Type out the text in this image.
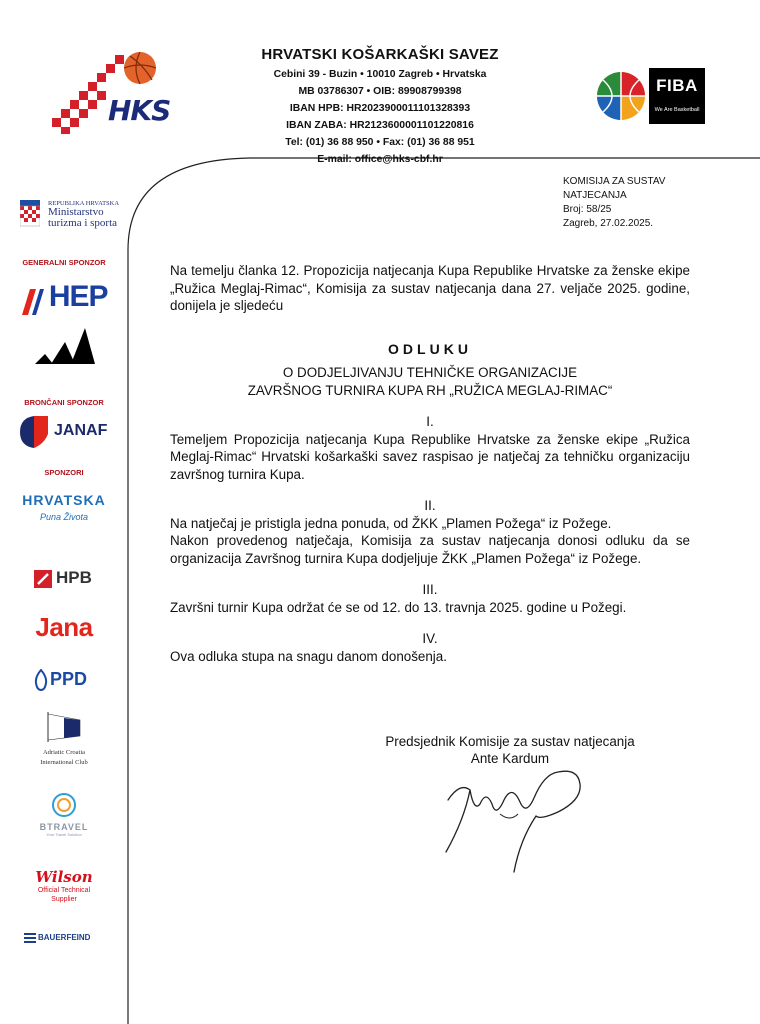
HKS
HRVATSKI KOŠARKAŠKI SAVEZ
Cebini 39 - Buzin • 10010 Zagreb • Hrvatska
MB 03786307 • OIB: 89908799398
IBAN HPB: HR2023900011101328393
IBAN ZABA: HR2123600001101220816
Tel: (01) 36 88 950 • Fax: (01) 36 88 951
E-mail: office@hks-cbf.hr
FIBA
We Are Basketball
KOMISIJA ZA SUSTAV
NATJECANJA
Broj: 58/25
Zagreb, 27.02.2025.
REPUBLIKA HRVATSKA
Ministarstvo
turizma i sporta
GENERALNI SPONZOR
HEP
BRONČANI SPONZOR
JANAF
SPONZORI
HRVATSKA
Puna Života
HPB
Jana
PPD
Adriatic Croatia
International Club
BTRAVEL
Your Travel Solution
Wilson
Official Technical
Supplier
BAUERFEIND

Na temelju članka 12. Propozicija natjecanja Kupa Republike Hrvatske za ženske ekipe „Ružica Meglaj-Rimac“, Komisija za sustav natjecanja dana 27. veljače 2025. godine, donijela je sljedeću

ODLUKU

O DODJELJIVANJU TEHNIČKE ORGANIZACIJE

ZAVRŠNOG TURNIRA KUPA RH „RUŽICA MEGLAJ-RIMAC“

I.

Temeljem Propozicija natjecanja Kupa Republike Hrvatske za ženske ekipe „Ružica Meglaj-Rimac“ Hrvatski košarkaški savez raspisao je natječaj za tehničku organizaciju završnog turnira Kupa.

II.

Na natječaj je pristigla jedna ponuda, od ŽKK „Plamen Požega“ iz Požege.

Nakon provedenog natječaja, Komisija za sustav natjecanja donosi odluku da se organizacija Završnog turnira Kupa dodjeljuje ŽKK „Plamen Požega“ iz Požege.

III.

Završni turnir Kupa održat će se od 12. do 13. travnja 2025. godine u Požegi.

IV.

Ova odluka stupa na snagu danom donošenja.

Predsjednik Komisije za sustav natjecanja
Ante Kardum
